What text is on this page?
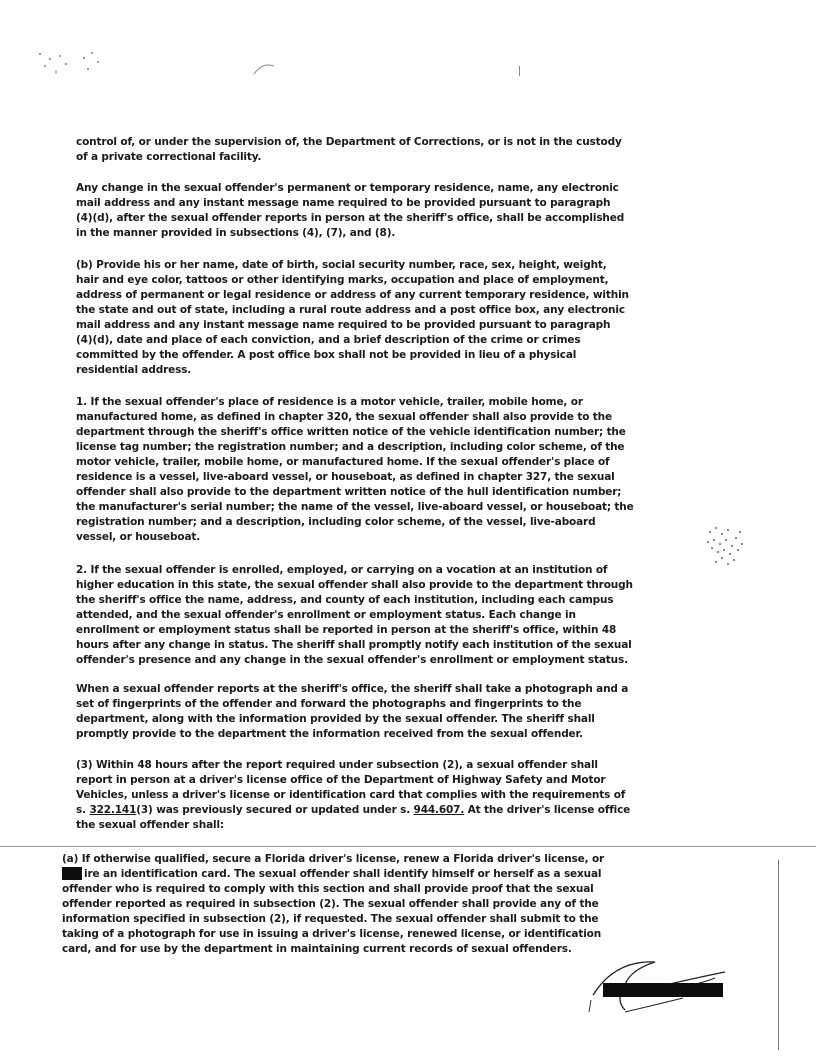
control of, or under the supervision of, the Department of Corrections, or is not in the custody
of a private correctional facility.

Any change in the sexual offender's permanent or temporary residence, name, any electronic
mail address and any instant message name required to be provided pursuant to paragraph
(4)(d), after the sexual offender reports in person at the sheriff's office, shall be accomplished
in the manner provided in subsections (4), (7), and (8).

(b) Provide his or her name, date of birth, social security number, race, sex, height, weight,
hair and eye color, tattoos or other identifying marks, occupation and place of employment,
address of permanent or legal residence or address of any current temporary residence, within
the state and out of state, including a rural route address and a post office box, any electronic
mail address and any instant message name required to be provided pursuant to paragraph
(4)(d), date and place of each conviction, and a brief description of the crime or crimes
committed by the offender. A post office box shall not be provided in lieu of a physical
residential address.

1. If the sexual offender's place of residence is a motor vehicle, trailer, mobile home, or
manufactured home, as defined in chapter 320, the sexual offender shall also provide to the
department through the sheriff's office written notice of the vehicle identification number; the
license tag number; the registration number; and a description, including color scheme, of the
motor vehicle, trailer, mobile home, or manufactured home. If the sexual offender's place of
residence is a vessel, live-aboard vessel, or houseboat, as defined in chapter 327, the sexual
offender shall also provide to the department written notice of the hull identification number;
the manufacturer's serial number; the name of the vessel, live-aboard vessel, or houseboat; the
registration number; and a description, including color scheme, of the vessel, live-aboard
vessel, or houseboat.

2. If the sexual offender is enrolled, employed, or carrying on a vocation at an institution of
higher education in this state, the sexual offender shall also provide to the department through
the sheriff's office the name, address, and county of each institution, including each campus
attended, and the sexual offender's enrollment or employment status. Each change in
enrollment or employment status shall be reported in person at the sheriff's office, within 48
hours after any change in status. The sheriff shall promptly notify each institution of the sexual
offender's presence and any change in the sexual offender's enrollment or employment status.

When a sexual offender reports at the sheriff's office, the sheriff shall take a photograph and a
set of fingerprints of the offender and forward the photographs and fingerprints to the
department, along with the information provided by the sexual offender. The sheriff shall
promptly provide to the department the information received from the sexual offender.

(3) Within 48 hours after the report required under subsection (2), a sexual offender shall
report in person at a driver's license office of the Department of Highway Safety and Motor
Vehicles, unless a driver's license or identification card that complies with the requirements of
s. 322.141(3) was previously secured or updated under s. 944.607. At the driver's license office
the sexual offender shall:

(a) If otherwise qualified, secure a Florida driver's license, renew a Florida driver's license, or
ire an identification card. The sexual offender shall identify himself or herself as a sexual
offender who is required to comply with this section and shall provide proof that the sexual
offender reported as required in subsection (2). The sexual offender shall provide any of the
information specified in subsection (2), if requested. The sexual offender shall submit to the
taking of a photograph for use in issuing a driver's license, renewed license, or identification
card, and for use by the department in maintaining current records of sexual offenders.
